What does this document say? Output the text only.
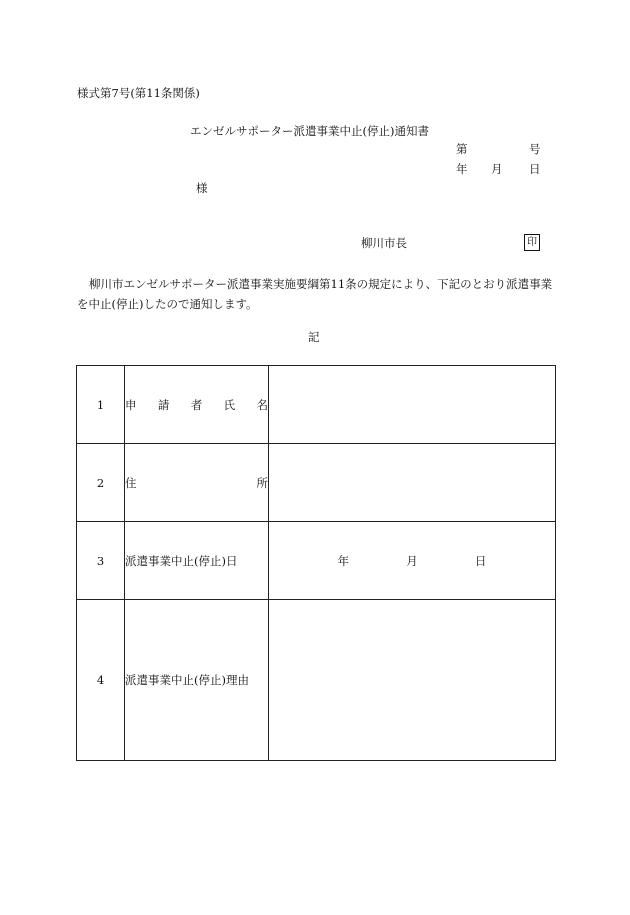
様式第7号(第11条関係)
エンゼルサポーター派遣事業中止(停止)通知書
第	号
年 月 日
様
柳川市長	印
柳川市エンゼルサポーター派遣事業実施要綱第11条の規定により、下記のとおり派遣事業を中止(停止)したので通知します。
記
1	申 請 者 氏 名	

2	住 所	

3	派遣事業中止(停止)日	年 月 日

4	派遣事業中止(停止)理由	
